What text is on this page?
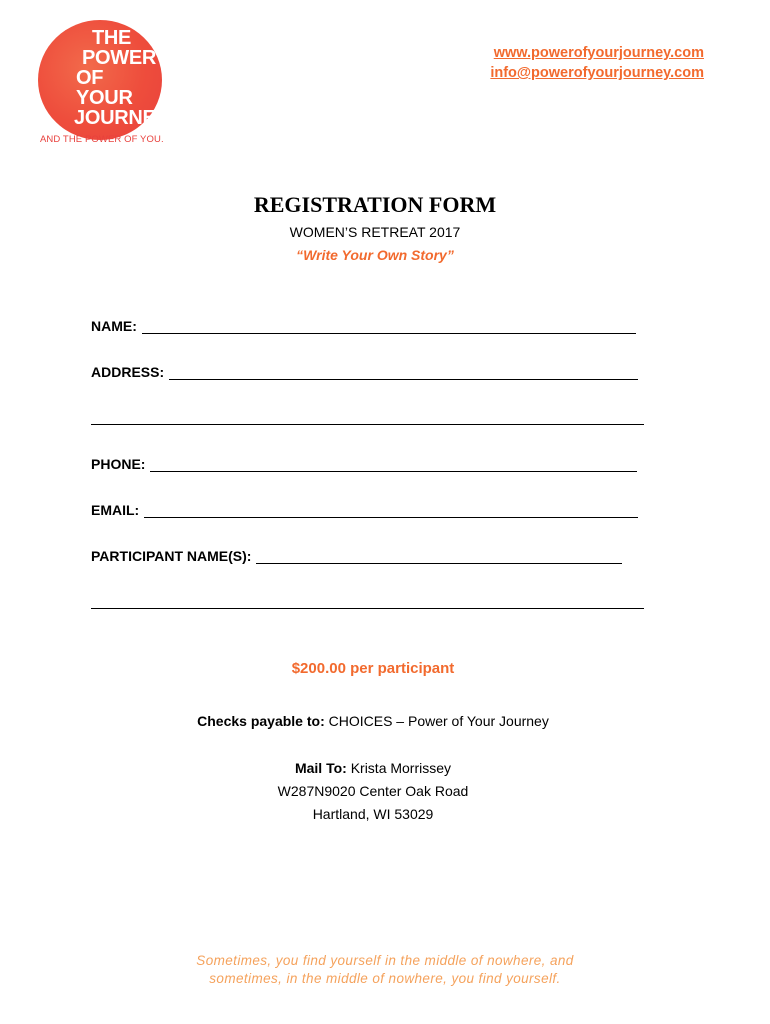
THE
POWER
OF YOUR
JOURNEY
AND THE POWER OF YOU.
www.powerofyourjourney.com
info@powerofyourjourney.com
REGISTRATION FORM
WOMEN’S RETREAT 2017
“Write Your Own Story”
NAME:
ADDRESS:
PHONE:
EMAIL:
PARTICIPANT NAME(S):
$200.00 per participant
Checks payable to: CHOICES – Power of Your Journey
Mail To: Krista Morrissey
W287N9020 Center Oak Road
Hartland, WI 53029
Sometimes, you find yourself in the middle of nowhere, and
sometimes, in the middle of nowhere, you find yourself.
